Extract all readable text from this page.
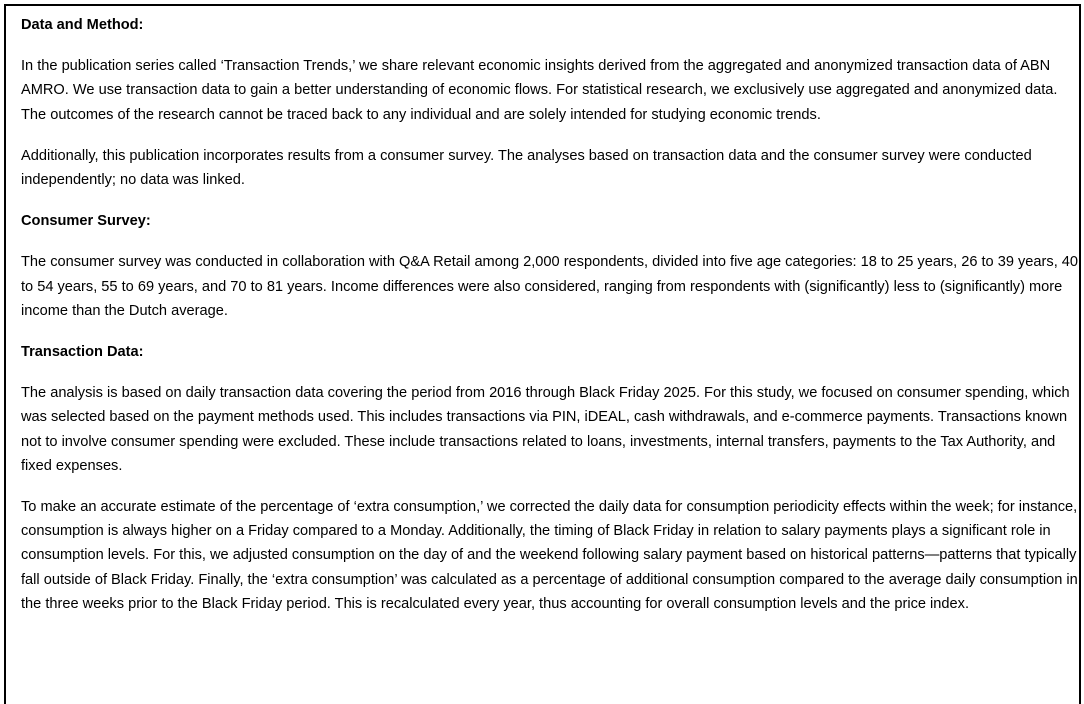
Data and Method:
In the publication series called ‘Transaction Trends,’ we share relevant economic insights derived from the aggregated and anonymized transaction data of ABN AMRO. We use transaction data to gain a better understanding of economic flows. For statistical research, we exclusively use aggregated and anonymized data. The outcomes of the research cannot be traced back to any individual and are solely intended for studying economic trends.
Additionally, this publication incorporates results from a consumer survey. The analyses based on transaction data and the consumer survey were conducted independently; no data was linked.
Consumer Survey:
The consumer survey was conducted in collaboration with Q&A Retail among 2,000 respondents, divided into five age categories: 18 to 25 years, 26 to 39 years, 40 to 54 years, 55 to 69 years, and 70 to 81 years. Income differences were also considered, ranging from respondents with (significantly) less to (significantly) more income than the Dutch average.
Transaction Data:
The analysis is based on daily transaction data covering the period from 2016 through Black Friday 2025. For this study, we focused on consumer spending, which was selected based on the payment methods used. This includes transactions via PIN, iDEAL, cash withdrawals, and e-commerce payments. Transactions known not to involve consumer spending were excluded. These include transactions related to loans, investments, internal transfers, payments to the Tax Authority, and fixed expenses.
To make an accurate estimate of the percentage of ‘extra consumption,’ we corrected the daily data for consumption periodicity effects within the week; for instance, consumption is always higher on a Friday compared to a Monday. Additionally, the timing of Black Friday in relation to salary payments plays a significant role in consumption levels. For this, we adjusted consumption on the day of and the weekend following salary payment based on historical patterns—patterns that typically fall outside of Black Friday. Finally, the ‘extra consumption’ was calculated as a percentage of additional consumption compared to the average daily consumption in the three weeks prior to the Black Friday period. This is recalculated every year, thus accounting for overall consumption levels and the price index.
